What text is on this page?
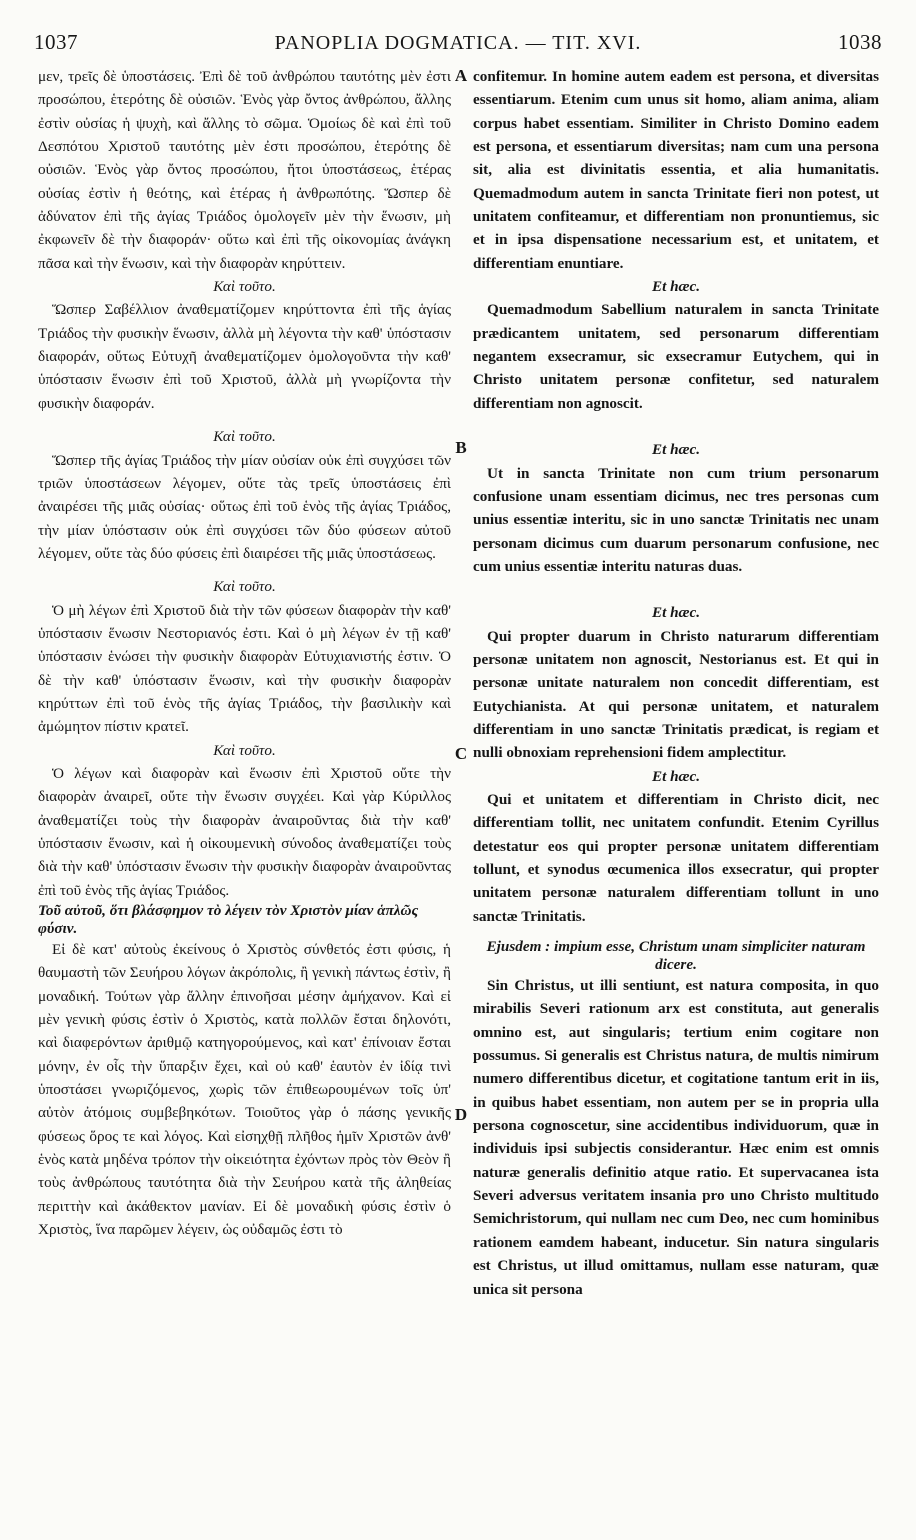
1037	PANOPLIA DOGMATICA. — TIT. XVI.	1038
A
B
C
D

μεν, τρεῖς δὲ ὑποστάσεις. Ἐπὶ δὲ τοῦ ἀνθρώπου ταυτότης μὲν ἐστι προσώπου, ἑτερότης δὲ οὐσιῶν. Ἑνὸς γὰρ ὄντος ἀνθρώπου, ἄλλης ἐστὶν οὐσίας ἡ ψυχὴ, καὶ ἄλλης τὸ σῶμα. Ὁμοίως δὲ καὶ ἐπὶ τοῦ Δεσπότου Χριστοῦ ταυτότης μὲν ἐστι προσώπου, ἑτερότης δὲ οὐσιῶν. Ἑνὸς γὰρ ὄντος προσώπου, ἤτοι ὑποστάσεως, ἑτέρας οὐσίας ἐστὶν ἡ θεότης, καὶ ἑτέρας ἡ ἀνθρωπότης. Ὥσπερ δὲ ἀδύνατον ἐπὶ τῆς ἁγίας Τριάδος ὁμολογεῖν μὲν τὴν ἕνωσιν, μὴ ἐκφωνεῖν δὲ τὴν διαφοράν· οὕτω καὶ ἐπὶ τῆς οἰκονομίας ἀνάγκη πᾶσα καὶ τὴν ἕνωσιν, καὶ τὴν διαφορὰν κηρύττειν.

Καὶ τοῦτο.

Ὥσπερ Σαβέλλιον ἀναθεματίζομεν κηρύττοντα ἐπὶ τῆς ἁγίας Τριάδος τὴν φυσικὴν ἕνωσιν, ἀλλὰ μὴ λέγοντα τὴν καθ' ὑπόστασιν διαφοράν, οὕτως Εὐτυχῆ ἀναθεματίζομεν ὁμολογοῦντα τὴν καθ' ὑπόστασιν ἕνωσιν ἐπὶ τοῦ Χριστοῦ, ἀλλὰ μὴ γνωρίζοντα τὴν φυσικὴν διαφοράν.

Καὶ τοῦτο.

Ὥσπερ τῆς ἁγίας Τριάδος τὴν μίαν οὐσίαν οὐκ ἐπὶ συγχύσει τῶν τριῶν ὑποστάσεων λέγομεν, οὔτε τὰς τρεῖς ὑποστάσεις ἐπὶ ἀναιρέσει τῆς μιᾶς οὐσίας· οὕτως ἐπὶ τοῦ ἑνὸς τῆς ἁγίας Τριάδος, τὴν μίαν ὑπόστασιν οὐκ ἐπὶ συγχύσει τῶν δύο φύσεων αὐτοῦ λέγομεν, οὔτε τὰς δύο φύσεις ἐπὶ διαιρέσει τῆς μιᾶς ὑποστάσεως.

Καὶ τοῦτο.

Ὁ μὴ λέγων ἐπὶ Χριστοῦ διὰ τὴν τῶν φύσεων διαφορὰν τὴν καθ' ὑπόστασιν ἕνωσιν Νεστοριανός ἐστι. Καὶ ὁ μὴ λέγων ἐν τῇ καθ' ὑπόστασιν ἑνώσει τὴν φυσικὴν διαφορὰν Εὐτυχιανιστής ἐστιν. Ὁ δὲ τὴν καθ' ὑπόστασιν ἕνωσιν, καὶ τὴν φυσικὴν διαφορὰν κηρύττων ἐπὶ τοῦ ἑνὸς τῆς ἁγίας Τριάδος, τὴν βασιλικὴν καὶ ἀμώμητον πίστιν κρατεῖ.

Καὶ τοῦτο.

Ὁ λέγων καὶ διαφορὰν καὶ ἕνωσιν ἐπὶ Χριστοῦ οὔτε τὴν διαφορὰν ἀναιρεῖ, οὔτε τὴν ἕνωσιν συγχέει. Καὶ γὰρ Κύριλλος ἀναθεματίζει τοὺς τὴν διαφορὰν ἀναιροῦντας διὰ τὴν καθ' ὑπόστασιν ἕνωσιν, καὶ ἡ οἰκουμενικὴ σύνοδος ἀναθεματίζει τοὺς διὰ τὴν καθ' ὑπόστασιν ἕνωσιν τὴν φυσικὴν διαφορὰν ἀναιροῦντας ἐπὶ τοῦ ἑνὸς τῆς ἁγίας Τριάδος.

Τοῦ αὐτοῦ, ὅτι βλάσφημον τὸ λέγειν τὸν Χριστὸν μίαν ἁπλῶς φύσιν.

Εἰ δὲ κατ' αὐτοὺς ἐκείνους ὁ Χριστὸς σύνθετός ἐστι φύσις, ἡ θαυμαστὴ τῶν Σευήρου λόγων ἀκρόπολις, ἢ γενικὴ πάντως ἐστὶν, ἢ μοναδική. Τούτων γὰρ ἄλλην ἐπινοῆσαι μέσην ἀμήχανον. Καὶ εἰ μὲν γενικὴ φύσις ἐστὶν ὁ Χριστὸς, κατὰ πολλῶν ἔσται δηλονότι, καὶ διαφερόντων ἀριθμῷ κατηγορούμενος, καὶ κατ' ἐπίνοιαν ἔσται μόνην, ἐν οἷς τὴν ὕπαρξιν ἔχει, καὶ οὐ καθ' ἑαυτὸν ἐν ἰδίᾳ τινὶ ὑποστάσει γνωριζόμενος, χωρὶς τῶν ἐπιθεωρουμένων τοῖς ὑπ' αὐτὸν ἀτόμοις συμβεβηκότων. Τοιοῦτος γὰρ ὁ πάσης γενικῆς φύσεως ὅρος τε καὶ λόγος. Καὶ εἰσηχθῇ πλῆθος ἡμῖν Χριστῶν ἀνθ' ἑνὸς κατὰ μηδένα τρόπον τὴν οἰκειότητα ἐχόντων πρὸς τὸν Θεὸν ἢ τοὺς ἀνθρώπους ταυτότητα διὰ τὴν Σευήρου κατὰ τῆς ἀληθείας περιττὴν καὶ ἀκάθεκτον μανίαν. Εἰ δὲ μοναδικὴ φύσις ἐστὶν ὁ Χριστὸς, ἵνα παρῶμεν λέγειν, ὡς οὐδαμῶς ἐστι τὸ

confitemur. In homine autem eadem est persona, et diversitas essentiarum. Etenim cum unus sit homo, aliam anima, aliam corpus habet essentiam. Similiter in Christo Domino eadem est persona, et essentiarum diversitas; nam cum una persona sit, alia est divinitatis essentia, et alia humanitatis. Quemadmodum autem in sancta Trinitate fieri non potest, ut unitatem confiteamur, et differentiam non pronuntiemus, sic et in ipsa dispensatione necessarium est, et unitatem, et differentiam enuntiare.

Et hæc.

Quemadmodum Sabellium naturalem in sancta Trinitate prædicantem unitatem, sed personarum differentiam negantem exsecramur, sic exsecramur Eutychem, qui in Christo unitatem personæ confitetur, sed naturalem differentiam non agnoscit.

Et hæc.

Ut in sancta Trinitate non cum trium personarum confusione unam essentiam dicimus, nec tres personas cum unius essentiæ interitu, sic in uno sanctæ Trinitatis nec unam personam dicimus cum duarum personarum confusione, nec cum unius essentiæ interitu naturas duas.

Et hæc.

Qui propter duarum in Christo naturarum differentiam personæ unitatem non agnoscit, Nestorianus est. Et qui in personæ unitate naturalem non concedit differentiam, est Eutychianista. At qui personæ unitatem, et naturalem differentiam in uno sanctæ Trinitatis prædicat, is regiam et nulli obnoxiam reprehensioni fidem amplectitur.

Et hæc.

Qui et unitatem et differentiam in Christo dicit, nec differentiam tollit, nec unitatem confundit. Etenim Cyrillus detestatur eos qui propter personæ unitatem differentiam tollunt, et synodus œcumenica illos exsecratur, qui propter unitatem personæ naturalem differentiam tollunt in uno sanctæ Trinitatis.

Ejusdem : impium esse, Christum unam simpliciter naturam dicere.

Sin Christus, ut illi sentiunt, est natura composita, in quo mirabilis Severi rationum arx est constituta, aut generalis omnino est, aut singularis; tertium enim cogitare non possumus. Si generalis est Christus natura, de multis nimirum numero differentibus dicetur, et cogitatione tantum erit in iis, in quibus habet essentiam, non autem per se in propria ulla persona cognoscetur, sine accidentibus individuorum, quæ in individuis ipsi subjectis considerantur. Hæc enim est omnis naturæ generalis definitio atque ratio. Et supervacanea ista Severi adversus veritatem insania pro uno Christo multitudo Semichristorum, qui nullam nec cum Deo, nec cum hominibus rationem eamdem habeant, inducetur. Sin natura singularis est Christus, ut illud omittamus, nullam esse naturam, quæ unica sit persona
